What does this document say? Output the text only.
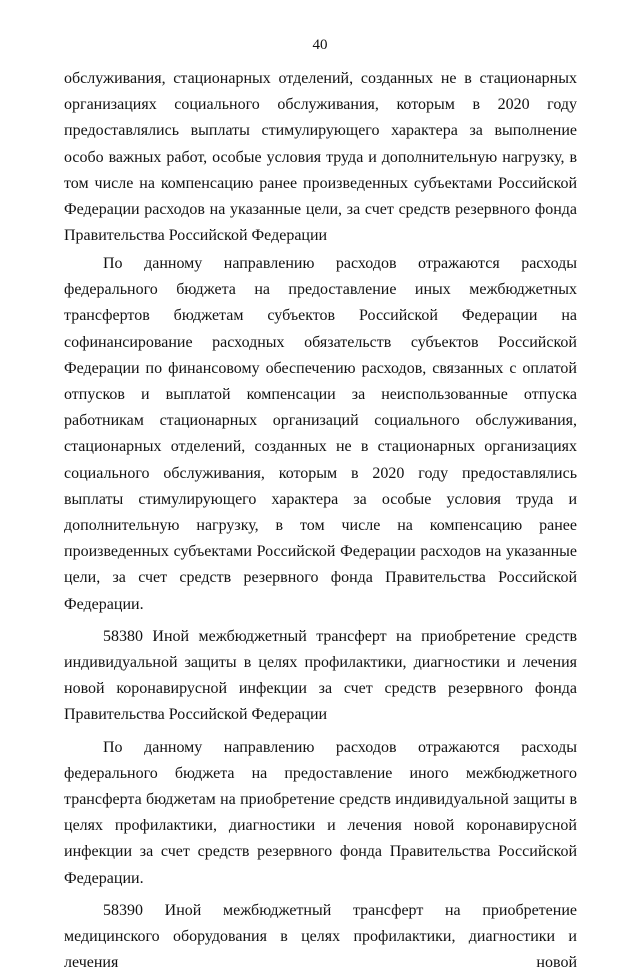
40

обслуживания, стационарных отделений, созданных не в стационарных организациях социального обслуживания, которым в 2020 году предоставлялись выплаты стимулирующего характера за выполнение особо важных работ, особые условия труда и дополнительную нагрузку, в том числе на компенсацию ранее произведенных субъектами Российской Федерации расходов на указанные цели, за счет средств резервного фонда Правительства Российской Федерации

По данному направлению расходов отражаются расходы федерального бюджета на предоставление иных межбюджетных трансфертов бюджетам субъектов Российской Федерации на софинансирование расходных обязательств субъектов Российской Федерации по финансовому обеспечению расходов, связанных с оплатой отпусков и выплатой компенсации за неиспользованные отпуска работникам стационарных организаций социального обслуживания, стационарных отделений, созданных не в стационарных организациях социального обслуживания, которым в 2020 году предоставлялись выплаты стимулирующего характера за особые условия труда и дополнительную нагрузку, в том числе на компенсацию ранее произведенных субъектами Российской Федерации расходов на указанные цели, за счет средств резервного фонда Правительства Российской Федерации.

58380 Иной межбюджетный трансферт на приобретение средств индивидуальной защиты в целях профилактики, диагностики и лечения новой коронавирусной инфекции за счет средств резервного фонда Правительства Российской Федерации

По данному направлению расходов отражаются расходы федерального бюджета на предоставление иного межбюджетного трансферта бюджетам на приобретение средств индивидуальной защиты в целях профилактики, диагностики и лечения новой коронавирусной инфекции за счет средств резервного фонда Правительства Российской Федерации.

58390 Иной межбюджетный трансферт на приобретение медицинского оборудования в целях профилактики, диагностики и лечения новой
